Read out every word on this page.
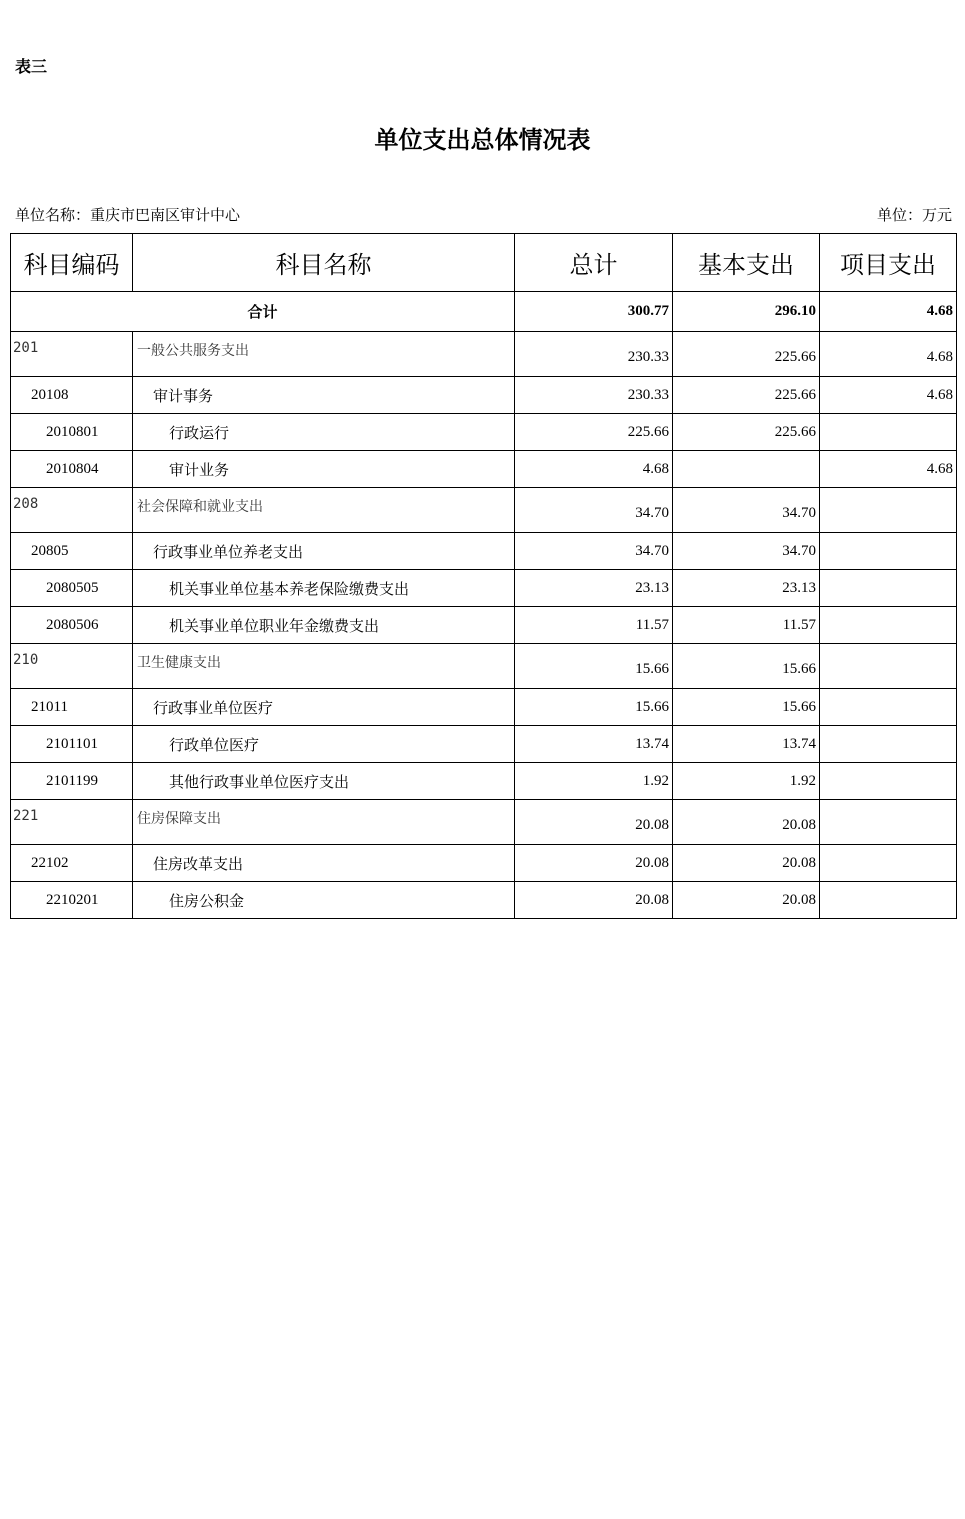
表三
单位支出总体情况表
单位名称：重庆市巴南区审计中心	单位：万元
科目编码	科目名称	总计	基本支出	项目支出
合计		300.77	296.10	4.68
201	一般公共服务支出	230.33	225.66	4.68
20108	审计事务	230.33	225.66	4.68
2010801	行政运行	225.66	225.66	
2010804	审计业务	4.68		4.68
208	社会保障和就业支出	34.70	34.70	
20805	行政事业单位养老支出	34.70	34.70	
2080505	机关事业单位基本养老保险缴费支出	23.13	23.13	
2080506	机关事业单位职业年金缴费支出	11.57	11.57	
210	卫生健康支出	15.66	15.66	
21011	行政事业单位医疗	15.66	15.66	
2101101	行政单位医疗	13.74	13.74	
2101199	其他行政事业单位医疗支出	1.92	1.92	
221	住房保障支出	20.08	20.08	
22102	住房改革支出	20.08	20.08	
2210201	住房公积金	20.08	20.08	
